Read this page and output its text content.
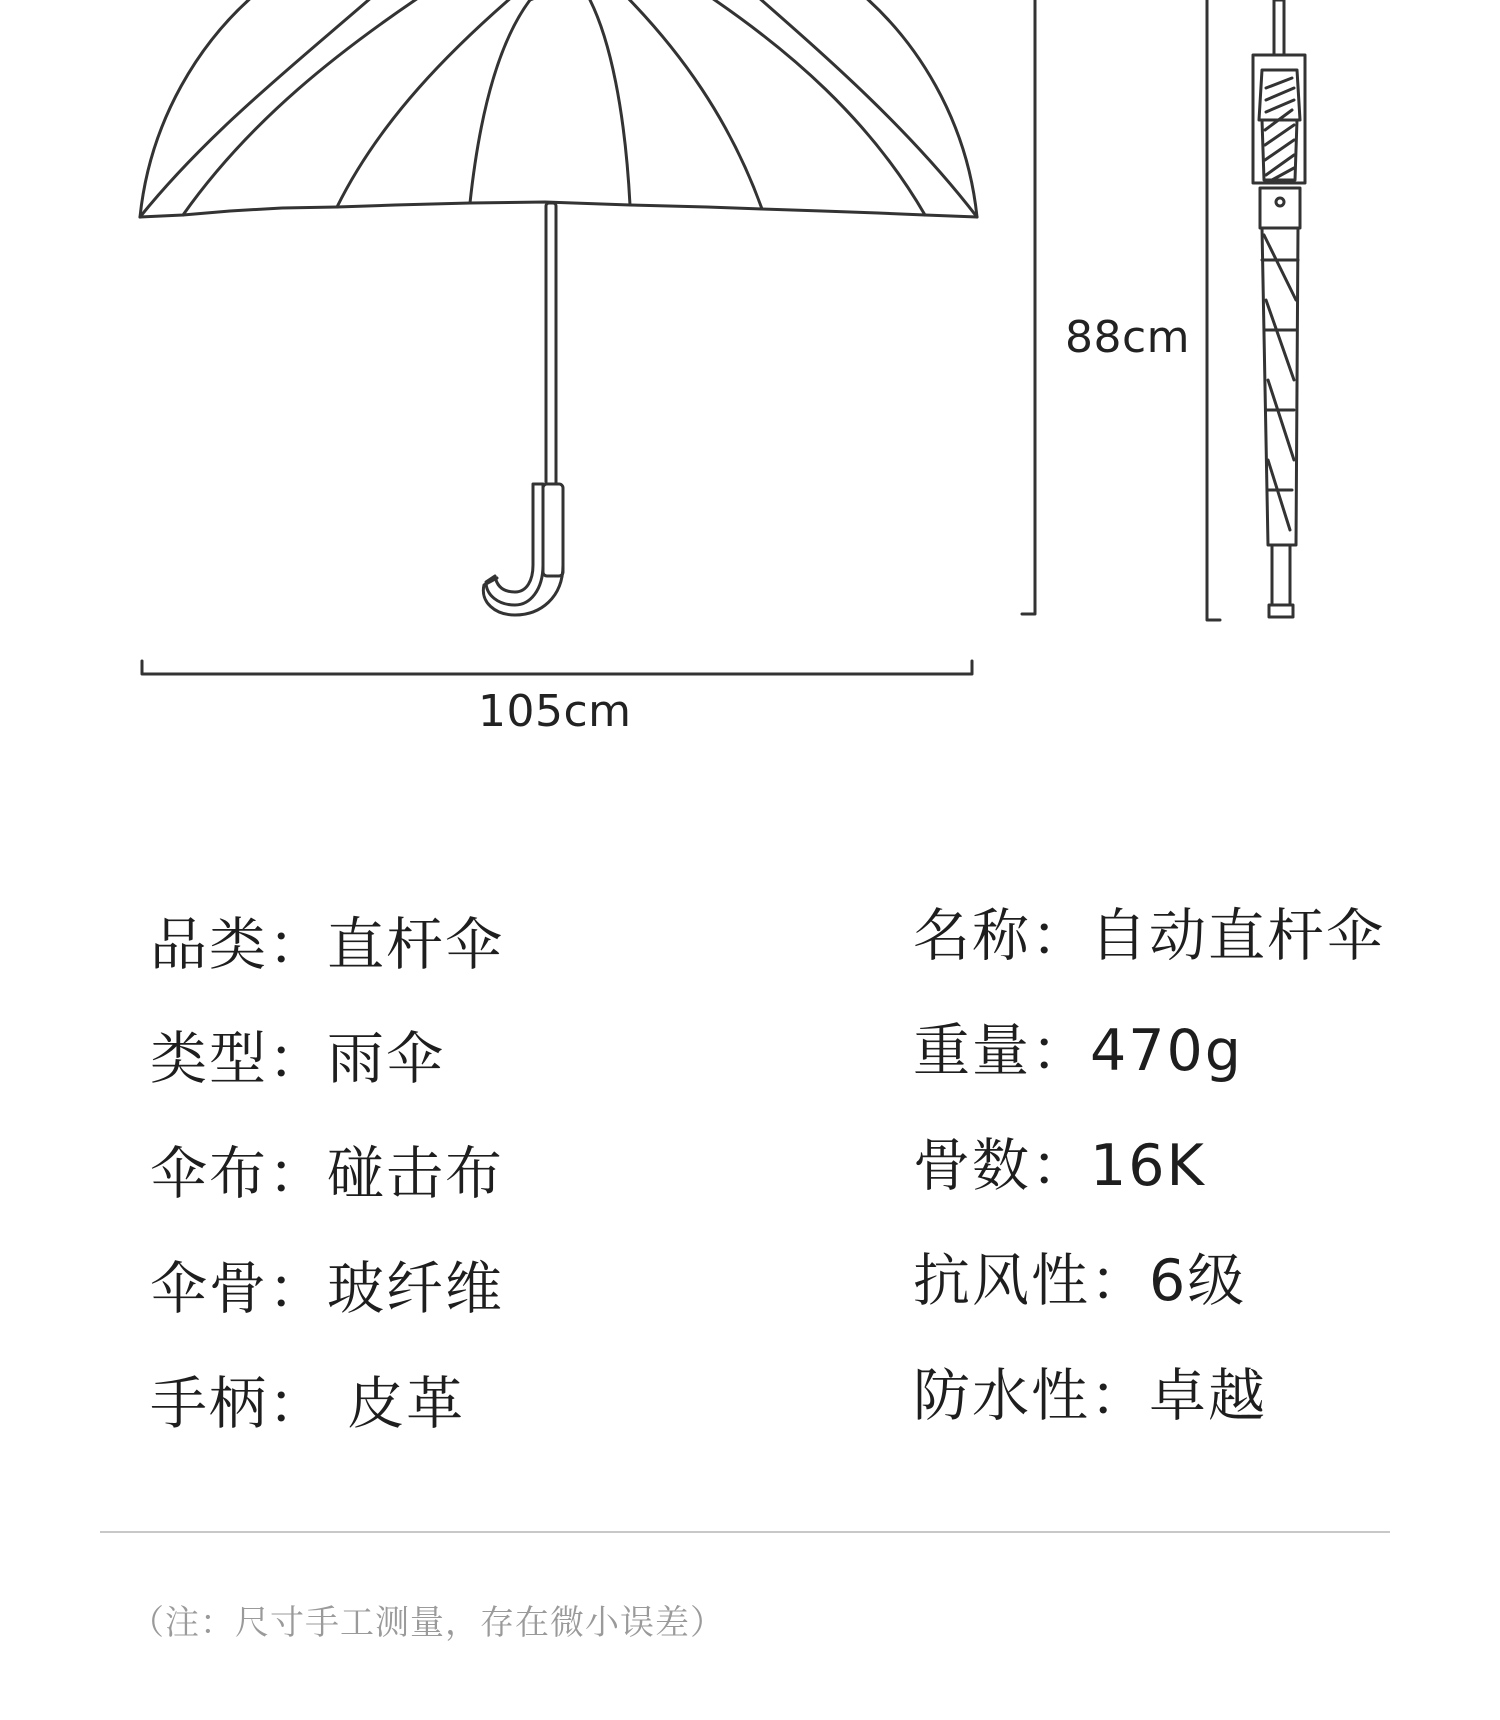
88cm
105cm
品类：直杆伞
类型：雨伞
伞布：碰击布
伞骨：玻纤维
手柄： 皮革
名称：自动直杆伞
重量：470g
骨数：16K
抗风性：6级
防水性：卓越
（注：尺寸手工测量，存在微小误差）
